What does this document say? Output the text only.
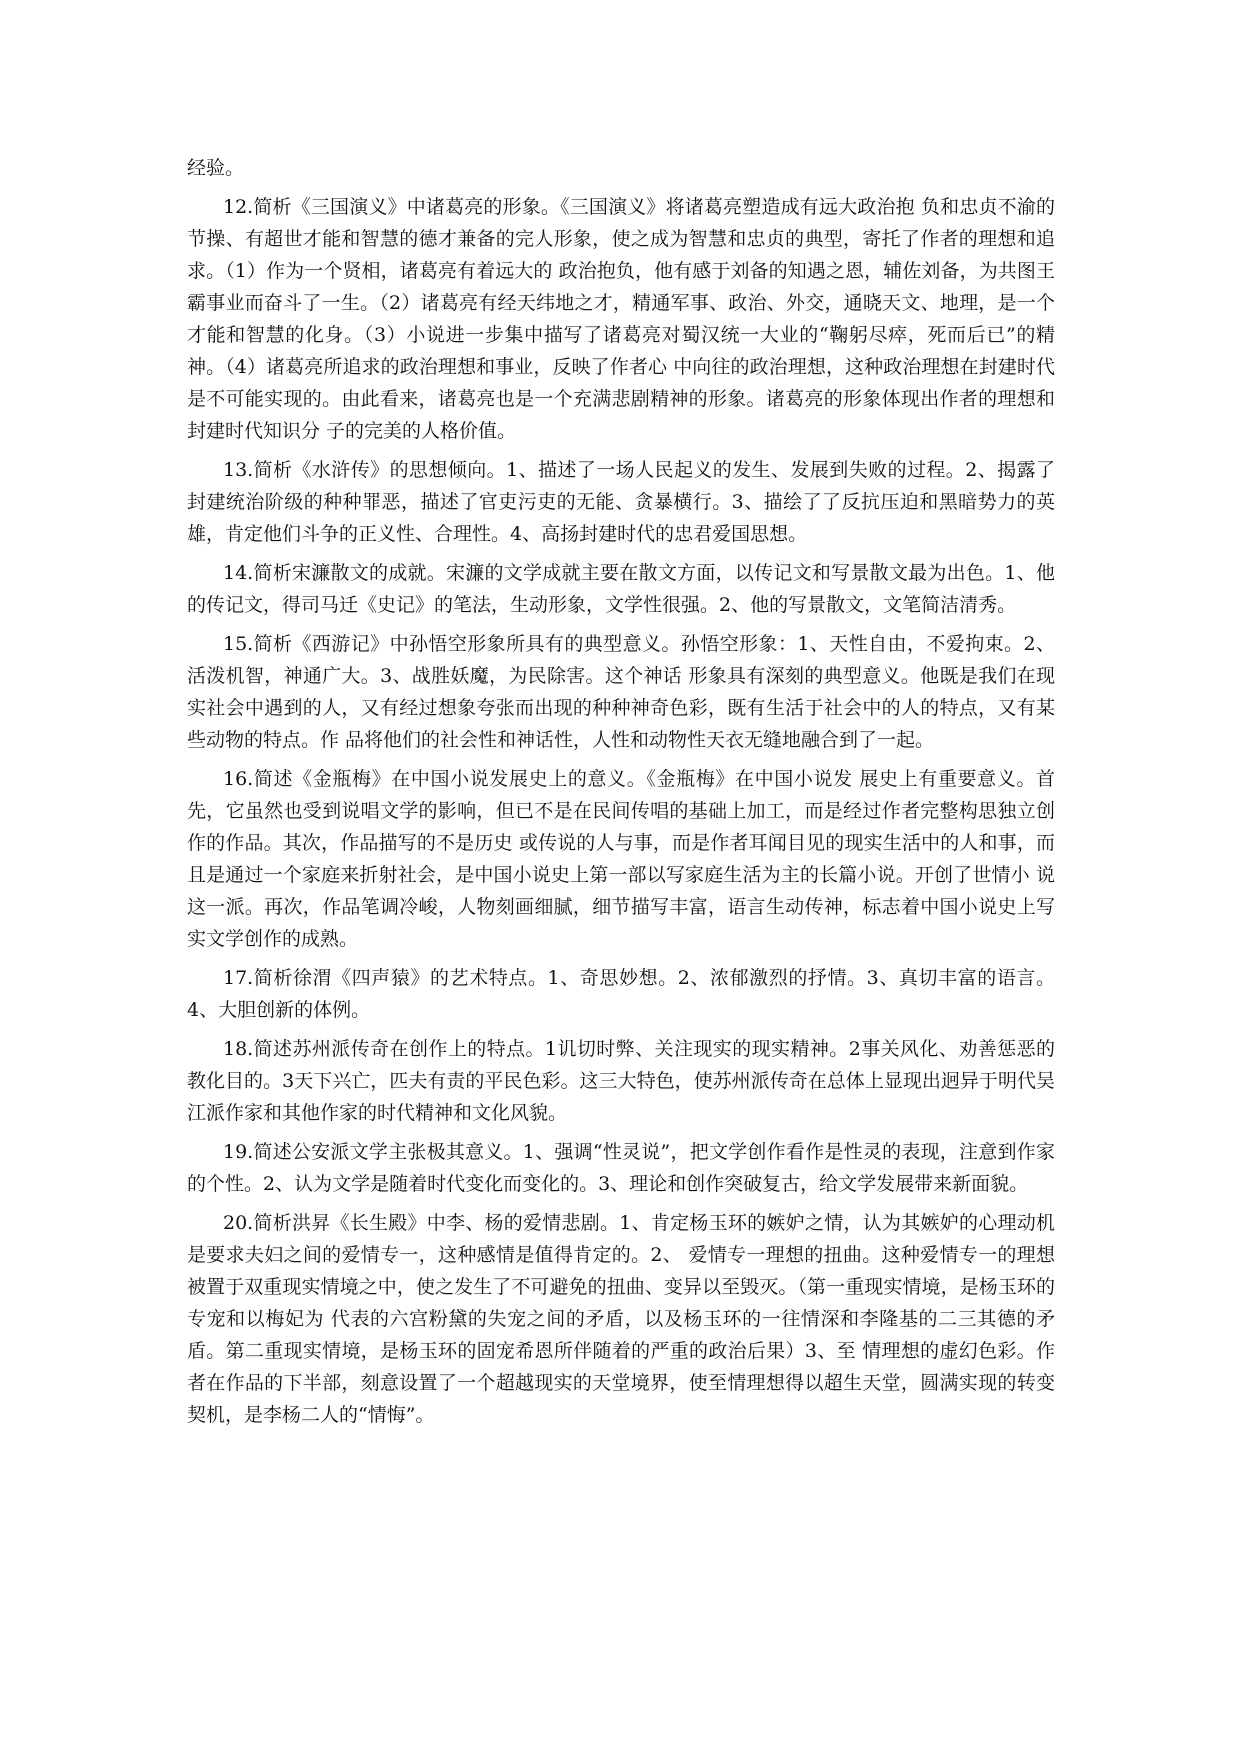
经验。

12.简析《三国演义》中诸葛亮的形象。《三国演义》将诸葛亮塑造成有远大政治抱 负和忠贞不渝的节操、有超世才能和智慧的德才兼备的完人形象，使之成为智慧和忠贞的典型，寄托了作者的理想和追求。（1）作为一个贤相，诸葛亮有着远大的 政治抱负，他有感于刘备的知遇之恩，辅佐刘备，为共图王霸事业而奋斗了一生。（2）诸葛亮有经天纬地之才，精通军事、政治、外交，通晓天文、地理，是一个 才能和智慧的化身。（3）小说进一步集中描写了诸葛亮对蜀汉统一大业的“鞠躬尽瘁，死而后已”的精神。（4）诸葛亮所追求的政治理想和事业，反映了作者心 中向往的政治理想，这种政治理想在封建时代是不可能实现的。由此看来，诸葛亮也是一个充满悲剧精神的形象。诸葛亮的形象体现出作者的理想和封建时代知识分 子的完美的人格价值。

13.简析《水浒传》的思想倾向。1、描述了一场人民起义的发生、发展到失败的过程。2、揭露了封建统治阶级的种种罪恶，描述了官吏污吏的无能、贪暴横行。3、描绘了了反抗压迫和黑暗势力的英雄，肯定他们斗争的正义性、合理性。4、高扬封建时代的忠君爱国思想。

14.简析宋濂散文的成就。宋濂的文学成就主要在散文方面，以传记文和写景散文最为出色。1、他的传记文，得司马迁《史记》的笔法，生动形象，文学性很强。2、他的写景散文，文笔简洁清秀。

15.简析《西游记》中孙悟空形象所具有的典型意义。孙悟空形象：1、天性自由，不爱拘束。2、活泼机智，神通广大。3、战胜妖魔，为民除害。这个神话 形象具有深刻的典型意义。他既是我们在现实社会中遇到的人，又有经过想象夸张而出现的种种神奇色彩，既有生活于社会中的人的特点，又有某些动物的特点。作 品将他们的社会性和神话性，人性和动物性天衣无缝地融合到了一起。

16.简述《金瓶梅》在中国小说发展史上的意义。《金瓶梅》在中国小说发 展史上有重要意义。首先，它虽然也受到说唱文学的影响，但已不是在民间传唱的基础上加工，而是经过作者完整构思独立创作的作品。其次，作品描写的不是历史 或传说的人与事，而是作者耳闻目见的现实生活中的人和事，而且是通过一个家庭来折射社会，是中国小说史上第一部以写家庭生活为主的长篇小说。开创了世情小 说这一派。再次，作品笔调冷峻，人物刻画细腻，细节描写丰富，语言生动传神，标志着中国小说史上写实文学创作的成熟。

17.简析徐渭《四声猿》的艺术特点。1、奇思妙想。2、浓郁激烈的抒情。3、真切丰富的语言。4、大胆创新的体例。

18.简述苏州派传奇在创作上的特点。1讥切时弊、关注现实的现实精神。2事关风化、劝善惩恶的教化目的。3天下兴亡，匹夫有责的平民色彩。这三大特色，使苏州派传奇在总体上显现出迥异于明代吴江派作家和其他作家的时代精神和文化风貌。

19.简述公安派文学主张极其意义。1、强调“性灵说”，把文学创作看作是性灵的表现，注意到作家的个性。2、认为文学是随着时代变化而变化的。3、理论和创作突破复古，给文学发展带来新面貌。

20.简析洪昇《长生殿》中李、杨的爱情悲剧。1、肯定杨玉环的嫉妒之情，认为其嫉妒的心理动机是要求夫妇之间的爱情专一，这种感情是值得肯定的。2、 爱情专一理想的扭曲。这种爱情专一的理想被置于双重现实情境之中，使之发生了不可避免的扭曲、变异以至毁灭。（第一重现实情境，是杨玉环的专宠和以梅妃为 代表的六宫粉黛的失宠之间的矛盾，以及杨玉环的一往情深和李隆基的二三其德的矛盾。第二重现实情境，是杨玉环的固宠希恩所伴随着的严重的政治后果）3、至 情理想的虚幻色彩。作者在作品的下半部，刻意设置了一个超越现实的天堂境界，使至情理想得以超生天堂，圆满实现的转变契机，是李杨二人的“情悔”。
